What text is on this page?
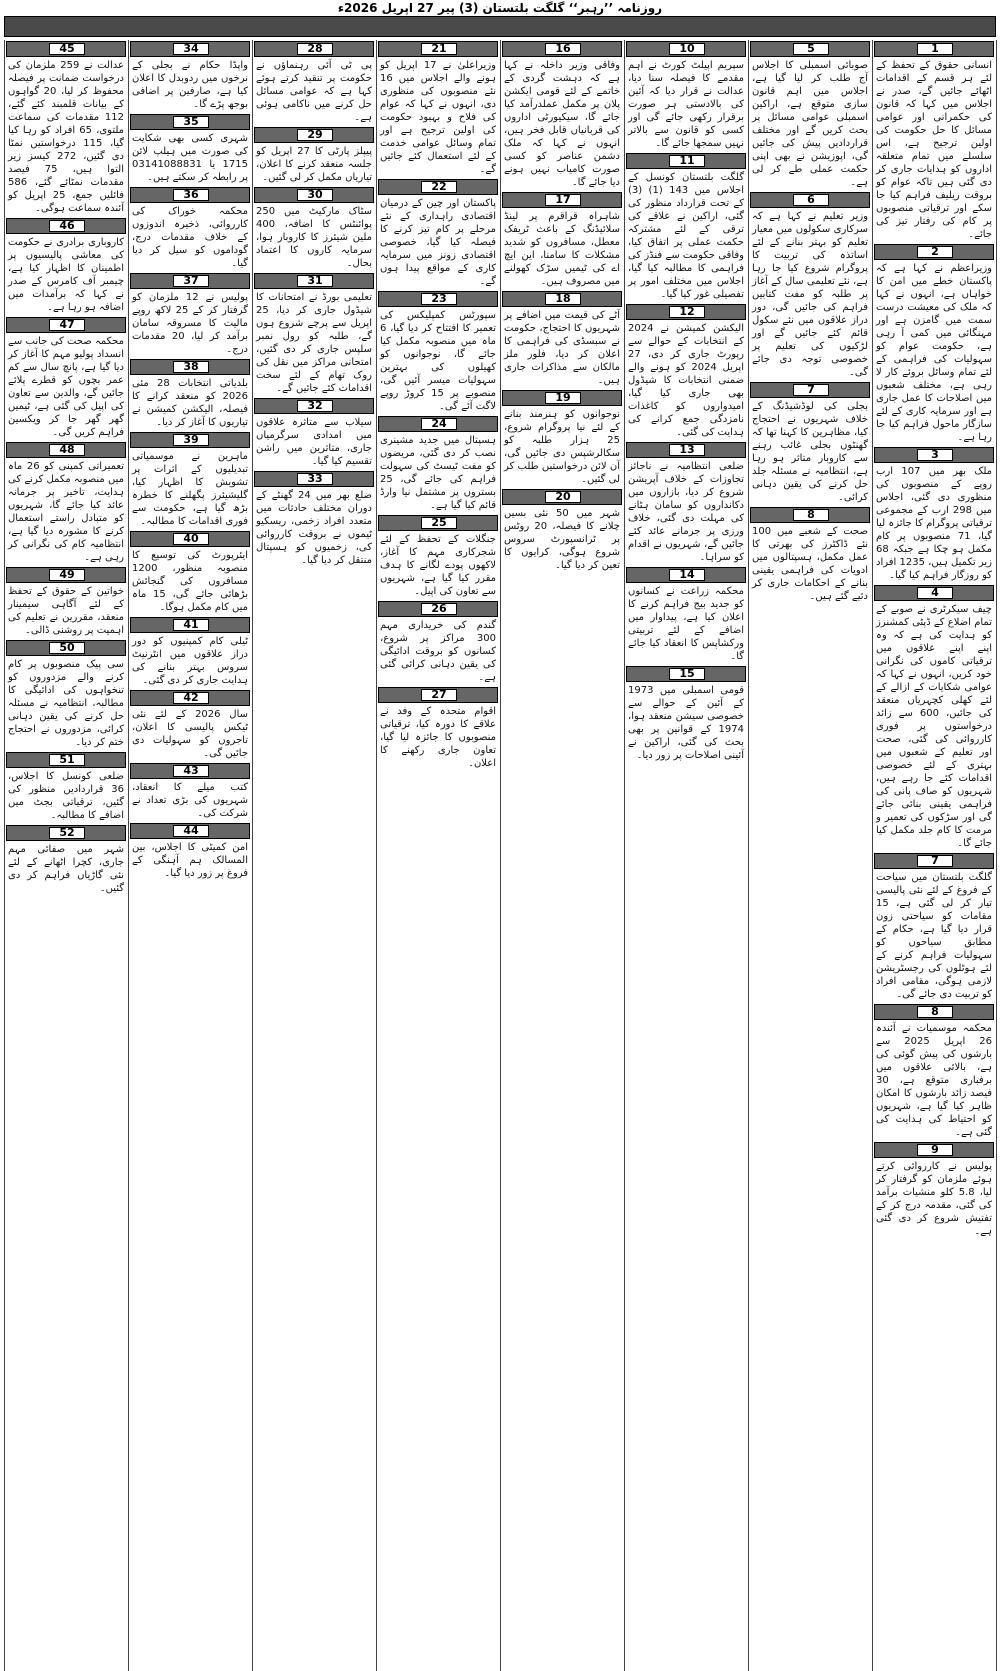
روزنامہ ’’رہبر‘‘ گلگت بلتستان (3) پیر 27 اپریل 2026ء
1

انسانی حقوق کے تحفظ کے لئے ہر قسم کے اقدامات اٹھائے جائیں گے، صدر نے اجلاس میں کہا کہ قانون کی حکمرانی اور عوامی مسائل کا حل حکومت کی اولین ترجیح ہے، اس سلسلے میں تمام متعلقہ اداروں کو ہدایات جاری کر دی گئی ہیں تاکہ عوام کو بروقت ریلیف فراہم کیا جا سکے اور ترقیاتی منصوبوں پر کام کی رفتار تیز کی جائے۔

2

وزیراعظم نے کہا ہے کہ پاکستان خطے میں امن کا خواہاں ہے، انہوں نے کہا کہ ملک کی معیشت درست سمت میں گامزن ہے اور مہنگائی میں کمی آ رہی ہے، حکومت عوام کو سہولیات کی فراہمی کے لئے تمام وسائل بروئے کار لا رہی ہے، مختلف شعبوں میں اصلاحات کا عمل جاری ہے اور سرمایہ کاری کے لئے سازگار ماحول فراہم کیا جا رہا ہے۔

3

ملک بھر میں 107 ارب روپے کے منصوبوں کی منظوری دی گئی، اجلاس میں 298 ارب کے مجموعی ترقیاتی پروگرام کا جائزہ لیا گیا، 71 منصوبوں پر کام مکمل ہو چکا ہے جبکہ 68 زیر تکمیل ہیں، 1235 افراد کو روزگار فراہم کیا گیا۔

4

چیف سیکرٹری نے صوبے کے تمام اضلاع کے ڈپٹی کمشنرز کو ہدایت کی ہے کہ وہ اپنے اپنے علاقوں میں ترقیاتی کاموں کی نگرانی خود کریں، انہوں نے کہا کہ عوامی شکایات کے ازالے کے لئے کھلی کچہریاں منعقد کی جائیں، 600 سے زائد درخواستوں پر فوری کارروائی کی گئی، صحت اور تعلیم کے شعبوں میں بہتری کے لئے خصوصی اقدامات کئے جا رہے ہیں، شہریوں کو صاف پانی کی فراہمی یقینی بنائی جائے گی اور سڑکوں کی تعمیر و مرمت کا کام جلد مکمل کیا جائے گا۔

7

گلگت بلتستان میں سیاحت کے فروغ کے لئے نئی پالیسی تیار کر لی گئی ہے، 15 مقامات کو سیاحتی زون قرار دیا گیا ہے، حکام کے مطابق سیاحوں کو سہولیات فراہم کرنے کے لئے ہوٹلوں کی رجسٹریشن لازمی ہوگی، مقامی افراد کو تربیت دی جائے گی۔

8

محکمہ موسمیات نے آئندہ 26 اپریل 2025 سے بارشوں کی پیش گوئی کی ہے، بالائی علاقوں میں برفباری متوقع ہے، 30 فیصد زائد بارشوں کا امکان ظاہر کیا گیا ہے، شہریوں کو احتیاط کی ہدایت کی گئی ہے۔

9

پولیس نے کارروائی کرتے ہوئے ملزمان کو گرفتار کر لیا، 5.8 کلو منشیات برآمد کی گئی، مقدمہ درج کر کے تفتیش شروع کر دی گئی ہے۔

5

صوبائی اسمبلی کا اجلاس آج طلب کر لیا گیا ہے، اجلاس میں اہم قانون سازی متوقع ہے، اراکین اسمبلی عوامی مسائل پر بحث کریں گے اور مختلف قراردادیں پیش کی جائیں گی، اپوزیشن نے بھی اپنی حکمت عملی طے کر لی ہے۔

6

وزیر تعلیم نے کہا ہے کہ سرکاری سکولوں میں معیار تعلیم کو بہتر بنانے کے لئے اساتذہ کی تربیت کا پروگرام شروع کیا جا رہا ہے، نئے تعلیمی سال کے آغاز پر طلبہ کو مفت کتابیں فراہم کی جائیں گی، دور دراز علاقوں میں نئے سکول قائم کئے جائیں گے اور لڑکیوں کی تعلیم پر خصوصی توجہ دی جائے گی۔

7

بجلی کی لوڈشیڈنگ کے خلاف شہریوں نے احتجاج کیا، مظاہرین کا کہنا تھا کہ گھنٹوں بجلی غائب رہنے سے کاروبار متاثر ہو رہا ہے، انتظامیہ نے مسئلہ جلد حل کرنے کی یقین دہانی کرائی۔

8

صحت کے شعبے میں 100 نئے ڈاکٹرز کی بھرتی کا عمل مکمل، ہسپتالوں میں ادویات کی فراہمی یقینی بنانے کے احکامات جاری کر دئیے گئے ہیں۔

10

سپریم اپیلٹ کورٹ نے اہم مقدمے کا فیصلہ سنا دیا، عدالت نے قرار دیا کہ آئین کی بالادستی ہر صورت برقرار رکھی جائے گی اور کسی کو قانون سے بالاتر نہیں سمجھا جائے گا۔

11

گلگت بلتستان کونسل کے اجلاس میں 143 (1) (3) کے تحت قرارداد منظور کی گئی، اراکین نے علاقے کی ترقی کے لئے مشترکہ حکمت عملی پر اتفاق کیا، وفاقی حکومت سے فنڈز کی فراہمی کا مطالبہ کیا گیا، اجلاس میں مختلف امور پر تفصیلی غور کیا گیا۔

12

الیکشن کمیشن نے 2024 کے انتخابات کے حوالے سے رپورٹ جاری کر دی، 27 اپریل 2024 کو ہونے والے ضمنی انتخابات کا شیڈول بھی جاری کیا گیا، امیدواروں کو کاغذات نامزدگی جمع کرانے کی ہدایت کی گئی۔

13

ضلعی انتظامیہ نے ناجائز تجاوزات کے خلاف آپریشن شروع کر دیا، بازاروں میں دکانداروں کو سامان ہٹانے کی مہلت دی گئی، خلاف ورزی پر جرمانے عائد کئے جائیں گے، شہریوں نے اقدام کو سراہا۔

14

محکمہ زراعت نے کسانوں کو جدید بیج فراہم کرنے کا اعلان کیا ہے، پیداوار میں اضافے کے لئے تربیتی ورکشاپس کا انعقاد کیا جائے گا۔

15

قومی اسمبلی میں 1973 کے آئین کے حوالے سے خصوصی سیشن منعقد ہوا، 1974 کے قوانین پر بھی بحث کی گئی، اراکین نے آئینی اصلاحات پر زور دیا۔

16

وفاقی وزیر داخلہ نے کہا ہے کہ دہشت گردی کے خاتمے کے لئے قومی ایکشن پلان پر مکمل عملدرآمد کیا جائے گا، سیکیورٹی اداروں کی قربانیاں قابل فخر ہیں، انہوں نے کہا کہ ملک دشمن عناصر کو کسی صورت کامیاب نہیں ہونے دیا جائے گا۔

17

شاہراہ قراقرم پر لینڈ سلائیڈنگ کے باعث ٹریفک معطل، مسافروں کو شدید مشکلات کا سامنا، این ایچ اے کی ٹیمیں سڑک کھولنے میں مصروف ہیں۔

18

آٹے کی قیمت میں اضافے پر شہریوں کا احتجاج، حکومت نے سبسڈی کی فراہمی کا اعلان کر دیا، فلور ملز مالکان سے مذاکرات جاری ہیں۔

19

نوجوانوں کو ہنرمند بنانے کے لئے نیا پروگرام شروع، 25 ہزار طلبہ کو سکالرشپس دی جائیں گی، آن لائن درخواستیں طلب کر لی گئیں۔

20

شہر میں 50 نئی بسیں چلانے کا فیصلہ، 20 روٹس پر ٹرانسپورٹ سروس شروع ہوگی، کرایوں کا تعین کر دیا گیا۔

21

وزیراعلیٰ نے 17 اپریل کو ہونے والے اجلاس میں 16 نئے منصوبوں کی منظوری دی، انہوں نے کہا کہ عوام کی فلاح و بہبود حکومت کی اولین ترجیح ہے اور تمام وسائل عوامی خدمت کے لئے استعمال کئے جائیں گے۔

22

پاکستان اور چین کے درمیان اقتصادی راہداری کے نئے مرحلے پر کام تیز کرنے کا فیصلہ کیا گیا، خصوصی اقتصادی زونز میں سرمایہ کاری کے مواقع پیدا ہوں گے۔

23

سپورٹس کمپلیکس کی تعمیر کا افتتاح کر دیا گیا، 6 ماہ میں منصوبہ مکمل کیا جائے گا، نوجوانوں کو کھیلوں کی بہترین سہولیات میسر آئیں گی، منصوبے پر 15 کروڑ روپے لاگت آئے گی۔

24

ہسپتال میں جدید مشینری نصب کر دی گئی، مریضوں کو مفت ٹیسٹ کی سہولت فراہم کی جائے گی، 25 بستروں پر مشتمل نیا وارڈ قائم کیا گیا ہے۔

25

جنگلات کے تحفظ کے لئے شجرکاری مہم کا آغاز، لاکھوں پودے لگانے کا ہدف مقرر کیا گیا ہے، شہریوں سے تعاون کی اپیل۔

26

گندم کی خریداری مہم 300 مراکز پر شروع، کسانوں کو بروقت ادائیگی کی یقین دہانی کرائی گئی ہے۔

27

اقوام متحدہ کے وفد نے علاقے کا دورہ کیا، ترقیاتی منصوبوں کا جائزہ لیا گیا، تعاون جاری رکھنے کا اعلان۔

28

پی ٹی آئی رہنماؤں نے حکومت پر تنقید کرتے ہوئے کہا ہے کہ عوامی مسائل حل کرنے میں ناکامی ہوئی ہے۔

29

پیپلز پارٹی کا 27 اپریل کو جلسہ منعقد کرنے کا اعلان، تیاریاں مکمل کر لی گئیں۔

30

سٹاک مارکیٹ میں 250 پوائنٹس کا اضافہ، 400 ملین شیئرز کا کاروبار ہوا، سرمایہ کاروں کا اعتماد بحال۔

31

تعلیمی بورڈ نے امتحانات کا شیڈول جاری کر دیا، 25 اپریل سے پرچے شروع ہوں گے، طلبہ کو رول نمبر سلپس جاری کر دی گئیں، امتحانی مراکز میں نقل کی روک تھام کے لئے سخت اقدامات کئے جائیں گے۔

32

سیلاب سے متاثرہ علاقوں میں امدادی سرگرمیاں جاری، متاثرین میں راشن تقسیم کیا گیا۔

33

ضلع بھر میں 24 گھنٹے کے دوران مختلف حادثات میں متعدد افراد زخمی، ریسکیو ٹیموں نے بروقت کارروائی کی، زخمیوں کو ہسپتال منتقل کر دیا گیا۔

34

واپڈا حکام نے بجلی کے نرخوں میں ردوبدل کا اعلان کیا ہے، صارفین پر اضافی بوجھ پڑے گا۔

35

شہری کسی بھی شکایت کی صورت میں ہیلپ لائن 1715 یا 03141088831 پر رابطہ کر سکتے ہیں۔

36

محکمہ خوراک کی کارروائی، ذخیرہ اندوزوں کے خلاف مقدمات درج، گوداموں کو سیل کر دیا گیا۔

37

پولیس نے 12 ملزمان کو گرفتار کر کے 25 لاکھ روپے مالیت کا مسروقہ سامان برآمد کر لیا، 20 مقدمات درج۔

38

بلدیاتی انتخابات 28 مئی 2026 کو منعقد کرانے کا فیصلہ، الیکشن کمیشن نے تیاریوں کا آغاز کر دیا۔

39

ماہرین نے موسمیاتی تبدیلیوں کے اثرات پر تشویش کا اظہار کیا، گلیشیئرز پگھلنے کا خطرہ بڑھ گیا ہے، حکومت سے فوری اقدامات کا مطالبہ۔

40

ایئرپورٹ کی توسیع کا منصوبہ منظور، 1200 مسافروں کی گنجائش بڑھائی جائے گی، 15 ماہ میں کام مکمل ہوگا۔

41

ٹیلی کام کمپنیوں کو دور دراز علاقوں میں انٹرنیٹ سروس بہتر بنانے کی ہدایت جاری کر دی گئی۔

42

سال 2026 کے لئے نئی ٹیکس پالیسی کا اعلان، تاجروں کو سہولیات دی جائیں گی۔

43

کتب میلے کا انعقاد، شہریوں کی بڑی تعداد نے شرکت کی۔

44

امن کمیٹی کا اجلاس، بین المسالک ہم آہنگی کے فروغ پر زور دیا گیا۔

45

عدالت نے 259 ملزمان کی درخواست ضمانت پر فیصلہ محفوظ کر لیا، 20 گواہوں کے بیانات قلمبند کئے گئے، 112 مقدمات کی سماعت ملتوی، 65 افراد کو رہا کیا گیا، 115 درخواستیں نمٹا دی گئیں، 272 کیسز زیر التوا ہیں، 75 فیصد مقدمات نمٹائے گئے، 586 فائلیں جمع، 25 اپریل کو آئندہ سماعت ہوگی۔

46

کاروباری برادری نے حکومت کی معاشی پالیسیوں پر اطمینان کا اظہار کیا ہے، چیمبر آف کامرس کے صدر نے کہا کہ برآمدات میں اضافہ ہو رہا ہے۔

47

محکمہ صحت کی جانب سے انسداد پولیو مہم کا آغاز کر دیا گیا ہے، پانچ سال سے کم عمر بچوں کو قطرے پلائے جائیں گے، والدین سے تعاون کی اپیل کی گئی ہے، ٹیمیں گھر گھر جا کر ویکسین فراہم کریں گی۔

48

تعمیراتی کمپنی کو 26 ماہ میں منصوبہ مکمل کرنے کی ہدایت، تاخیر پر جرمانہ عائد کیا جائے گا، شہریوں کو متبادل راستے استعمال کرنے کا مشورہ دیا گیا ہے، انتظامیہ کام کی نگرانی کر رہی ہے۔

49

خواتین کے حقوق کے تحفظ کے لئے آگاہی سیمینار منعقد، مقررین نے تعلیم کی اہمیت پر روشنی ڈالی۔

50

سی پیک منصوبوں پر کام کرنے والے مزدوروں کو تنخواہوں کی ادائیگی کا مطالبہ، انتظامیہ نے مسئلہ حل کرنے کی یقین دہانی کرائی، مزدوروں نے احتجاج ختم کر دیا۔

51

ضلعی کونسل کا اجلاس، 36 قراردادیں منظور کی گئیں، ترقیاتی بجٹ میں اضافے کا مطالبہ۔

52

شہر میں صفائی مہم جاری، کچرا اٹھانے کے لئے نئی گاڑیاں فراہم کر دی گئیں۔
